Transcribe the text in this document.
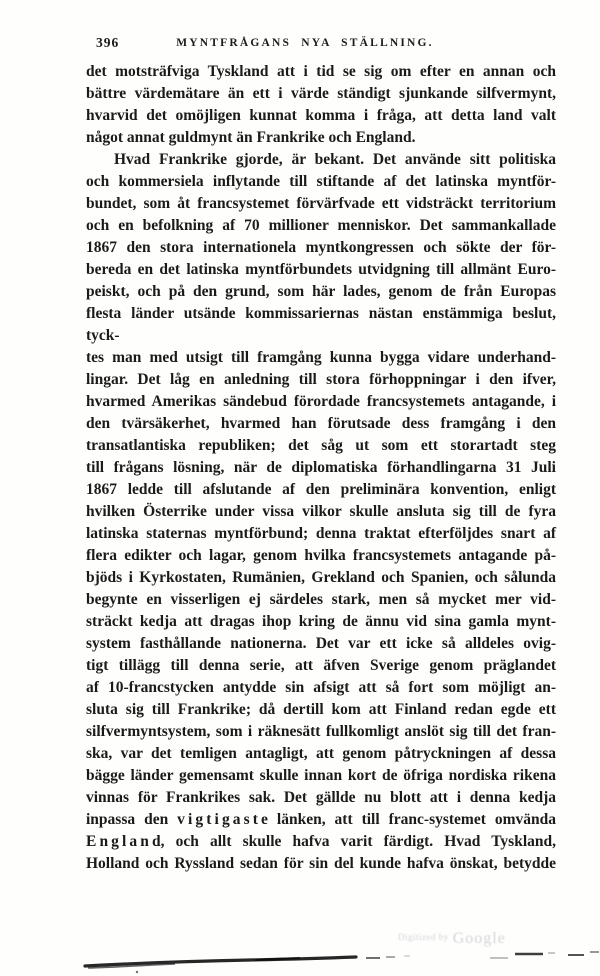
396	MYNTFRÅGANS NYA STÄLLNING.
det motsträfviga Tyskland att i tid se sig om efter en annan och
bättre värdemätare än ett i värde ständigt sjunkande silfvermynt,
hvarvid det omöjligen kunnat komma i fråga, att detta land valt
något annat guldmynt än Frankrike och England.
Hvad Frankrike gjorde, är bekant. Det använde sitt politiska
och kommersiela inflytande till stiftande af det latinska myntför-
bundet, som åt francsystemet förvärfvade ett vidsträckt territorium
och en befolkning af 70 millioner menniskor. Det sammankallade
1867 den stora internationela myntkongressen och sökte der för-
bereda en det latinska myntförbundets utvidgning till allmänt Euro-
peiskt, och på den grund, som här lades, genom de från Europas
flesta länder utsände kommissariernas nästan enstämmiga beslut, tyck-
tes man med utsigt till framgång kunna bygga vidare underhand-
lingar. Det låg en anledning till stora förhoppningar i den ifver,
hvarmed Amerikas sändebud förordade francsystemets antagande, i
den tvärsäkerhet, hvarmed han förutsade dess framgång i den
transatlantiska republiken; det såg ut som ett storartadt steg
till frågans lösning, när de diplomatiska förhandlingarna 31 Juli
1867 ledde till afslutande af den preliminära konvention, enligt
hvilken Österrike under vissa vilkor skulle ansluta sig till de fyra
latinska staternas myntförbund; denna traktat efterföljdes snart af
flera edikter och lagar, genom hvilka francsystemets antagande på-
bjöds i Kyrkostaten, Rumänien, Grekland och Spanien, och sålunda
begynte en visserligen ej särdeles stark, men så mycket mer vid-
sträckt kedja att dragas ihop kring de ännu vid sina gamla mynt-
system fasthållande nationerna. Det var ett icke så alldeles ovig-
tigt tillägg till denna serie, att äfven Sverige genom präglandet
af 10-francstycken antydde sin afsigt att så fort som möjligt an-
sluta sig till Frankrike; då dertill kom att Finland redan egde ett
silfvermyntsystem, som i räknesätt fullkomligt anslöt sig till det fran-
ska, var det temligen antagligt, att genom påtryckningen af dessa
bägge länder gemensamt skulle innan kort de öfriga nordiska rikena
vinnas för Frankrikes sak. Det gällde nu blott att i denna kedja
inpassa den v i g t i g a s t e länken, att till franc-systemet omvända
E n g l a n d, och allt skulle hafva varit färdigt. Hvad Tyskland,
Holland och Ryssland sedan för sin del kunde hafva önskat, betydde
Digitized by Google
